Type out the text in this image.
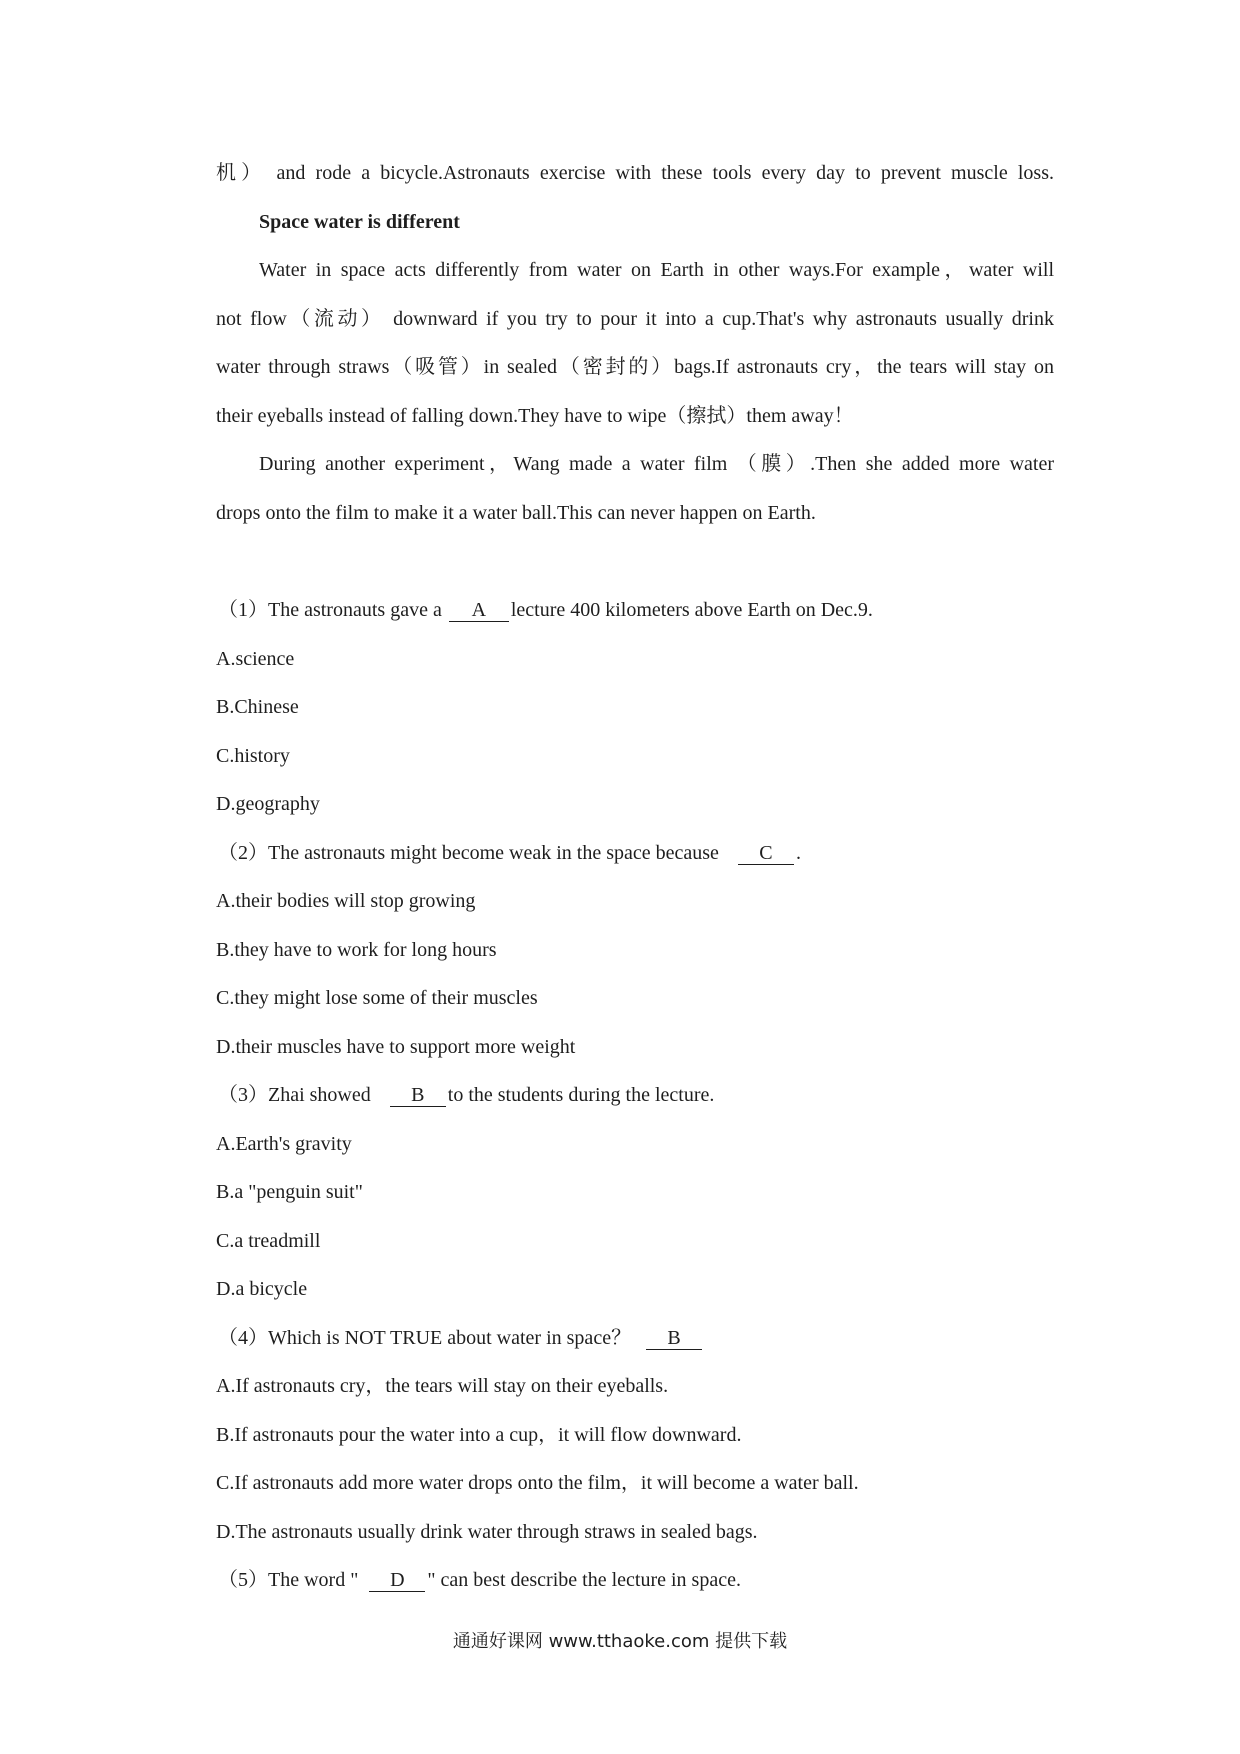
机） and rode a bicycle.Astronauts exercise with these tools every day to prevent muscle loss.
Space water is different
Water in space acts differently from water on Earth in other ways.For example，water will
not flow（流动） downward if you try to pour it into a cup.That's why astronauts usually drink
water through straws（吸管）in sealed（密封的）bags.If astronauts cry，the tears will stay on
their eyeballs instead of falling down.They have to wipe（擦拭）them away！
During another experiment，Wang made a water film （膜）.Then she added more water
drops onto the film to make it a water ball.This can never happen on Earth.
（1）The astronauts gave a A lecture 400 kilometers above Earth on Dec.9.
A.science
B.Chinese
C.history
D.geography
（2）The astronauts might become weak in the space because C .
A.their bodies will stop growing
B.they have to work for long hours
C.they might lose some of their muscles
D.their muscles have to support more weight
（3）Zhai showed B to the students during the lecture.
A.Earth's gravity
B.a "penguin suit"
C.a treadmill
D.a bicycle
（4）Which is NOT TRUE about water in space？ B
A.If astronauts cry，the tears will stay on their eyeballs.
B.If astronauts pour the water into a cup，it will flow downward.
C.If astronauts add more water drops onto the film，it will become a water ball.
D.The astronauts usually drink water through straws in sealed bags.
（5）The word " D " can best describe the lecture in space.
通通好课网 www.tthaoke.com 提供下载
